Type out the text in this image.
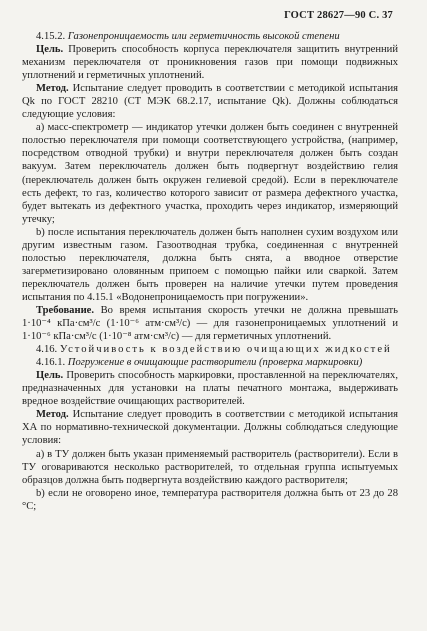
ГОСТ 28627—90 С. 37

4.15.2. Газонепроницаемость или герметичность высокой степени

Цель. Проверить способность корпуса переключателя защитить внутренний механизм переключателя от проникновения газов при помощи подвижных уплотнений и герметичных уплотнений.

Метод. Испытание следует проводить в соответствии с методикой испытания Qk по ГОСТ 28210 (СТ МЭК 68.2.17, испытание Qk). Должны соблюдаться следующие условия:

а) масс-спектрометр — индикатор утечки должен быть соединен с внутренней полостью переключателя при помощи соответствующего устройства, (например, посредством отводной трубки) и внутри переключателя должен быть создан вакуум. Затем переключатель должен быть подвергнут воздействию гелия (переключатель должен быть окружен гелиевой средой). Если в переключателе есть дефект, то газ, количество которого зависит от размера дефектного участка, будет вытекать из дефектного участка, проходить через индикатор, измеряющий утечку;

b) после испытания переключатель должен быть наполнен сухим воздухом или другим известным газом. Газоотводная трубка, соединенная с внутренней полостью переключателя, должна быть снята, а вводное отверстие загерметизировано оловянным припоем с помощью пайки или сваркой. Затем переключатель должен быть проверен на наличие утечки путем проведения испытания по 4.15.1 «Водонепроницаемость при погружении».

Требование. Во время испытания скорость утечки не должна превышать 1·10⁻⁴ кПа·см³/с (1·10⁻⁶ атм·см³/с) — для газонепроницаемых уплотнений и 1·10⁻⁶ кПа·см³/с (1·10⁻⁸ атм·см³/с) — для герметичных уплотнений.

4.16. Устойчивость к воздействию очищающих жидкостей

4.16.1. Погружение в очищающие растворители (проверка маркировки)

Цель. Проверить способность маркировки, проставленной на переключателях, предназначенных для установки на платы печатного монтажа, выдерживать вредное воздействие очищающих растворителей.

Метод. Испытание следует проводить в соответствии с методикой испытания XA по нормативно-технической документации. Должны соблюдаться следующие условия:

а) в ТУ должен быть указан применяемый растворитель (растворители). Если в ТУ оговариваются несколько растворителей, то отдельная группа испытуемых образцов должна быть подвергнута воздействию каждого растворителя;

b) если не оговорено иное, температура растворителя должна быть от 23 до 28 °С;
